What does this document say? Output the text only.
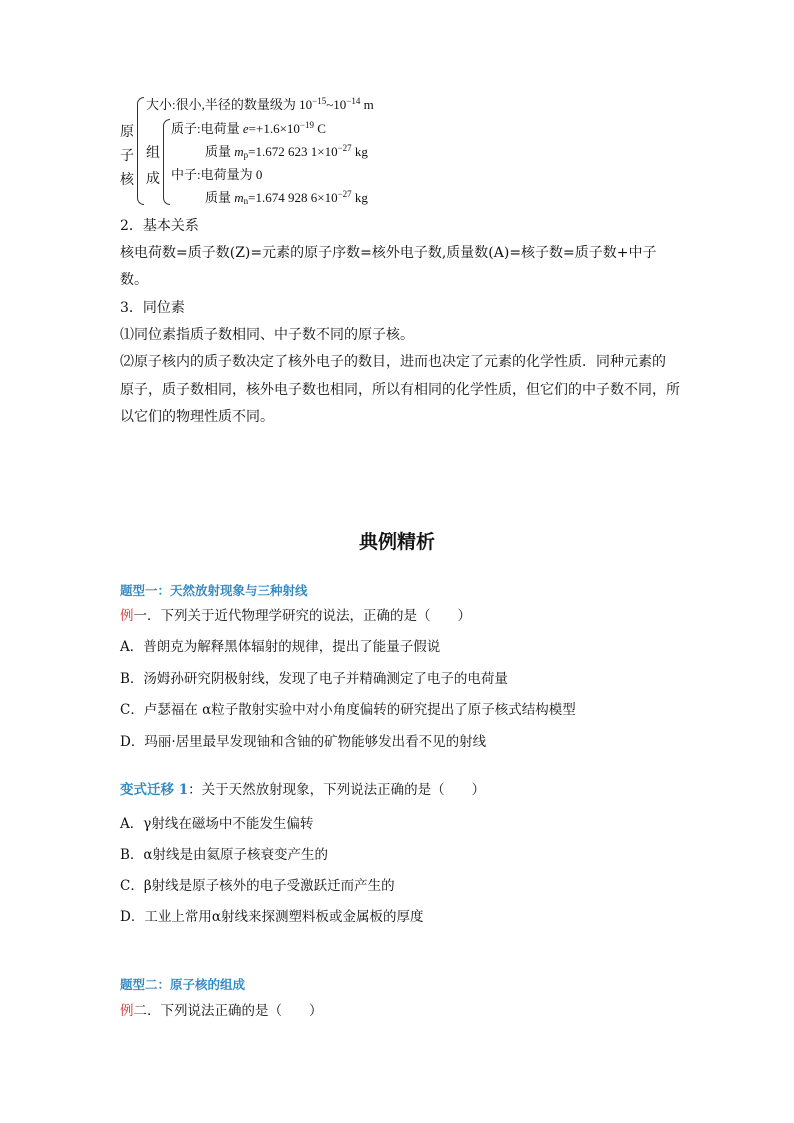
原
子
核
组
成
大小:很小,半径的数量级为 $10^{-15}\sim 10^{-14}$ m
质子:电荷量 $e=+1.6\times 10^{-19}$ C
质量 $m_p=1.672$ 623 $1\times 10^{-27}$ kg
中子:电荷量为 0
质量 $m_n=1.674$ 928 $6\times 10^{-27}$ kg
2．基本关系
核电荷数=质子数(Z)=元素的原子序数=核外电子数,质量数(A)=核子数=质子数+中子
数。
3．同位素
⑴同位素指质子数相同、中子数不同的原子核。
⑵原子核内的质子数决定了核外电子的数目，进而也决定了元素的化学性质．同种元素的
原子，质子数相同，核外电子数也相同，所以有相同的化学性质，但它们的中子数不同，所
以它们的物理性质不同。
典例精析
题型一：天然放射现象与三种射线
例一．下列关于近代物理学研究的说法，正确的是（　　）
A．普朗克为解释黑体辐射的规律，提出了能量子假说
B．汤姆孙研究阴极射线，发现了电子并精确测定了电子的电荷量
C．卢瑟福在 α粒子散射实验中对小角度偏转的研究提出了原子核式结构模型
D．玛丽·居里最早发现铀和含铀的矿物能够发出看不见的射线
变式迁移 1：关于天然放射现象，下列说法正确的是（　　）
A．γ射线在磁场中不能发生偏转
B．α射线是由氦原子核衰变产生的
C．β射线是原子核外的电子受激跃迁而产生的
D．工业上常用α射线来探测塑料板或金属板的厚度
题型二：原子核的组成
例二．下列说法正确的是（　　）
